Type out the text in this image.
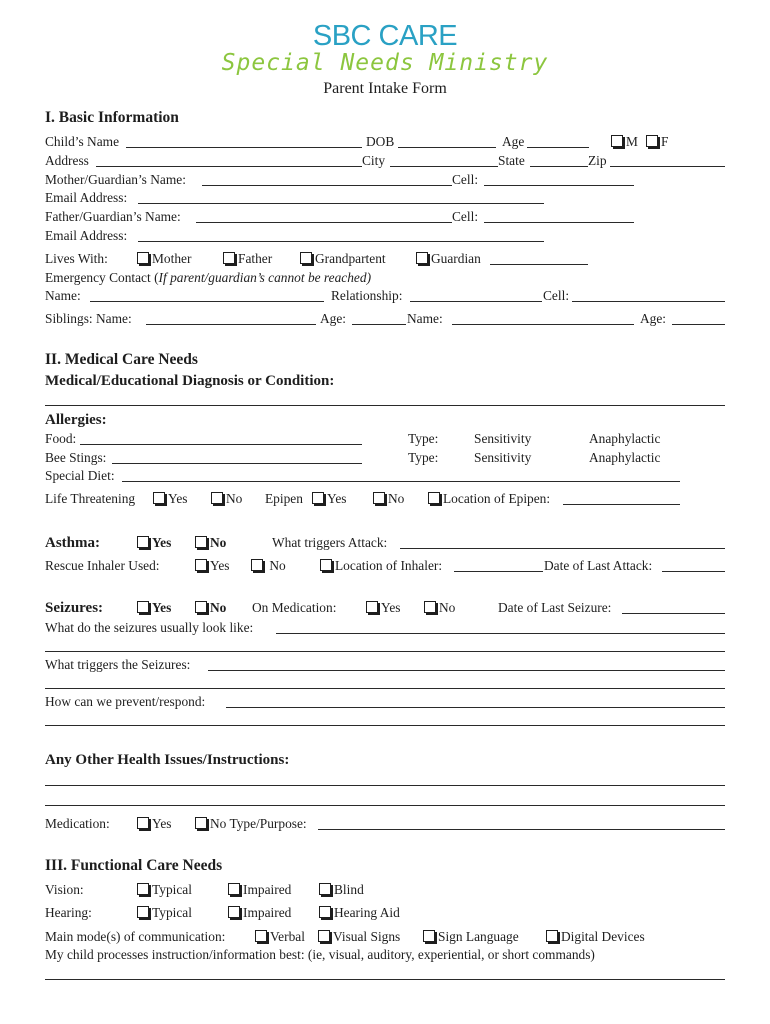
SBC CARE
Special Needs Ministry
Parent Intake Form
I. Basic Information
Child’s Name	DOB	Age	M	F
Address	City	State	Zip
Mother/Guardian’s Name:	Cell:
Email Address:
Father/Guardian’s Name:	Cell:
Email Address:
Lives With:	Mother	Father	Grandpartent	Guardian
Emergency Contact (If parent/guardian’s cannot be reached)
Name:	Relationship:	Cell:
Siblings: Name:	Age:	Name:	Age:
II. Medical Care Needs
Medical/Educational Diagnosis or Condition:
Allergies:
Food:	Type:	Sensitivity	Anaphylactic
Bee Stings:	Type:	Sensitivity	Anaphylactic
Special Diet:
Life Threatening	Yes	No Epipen	Yes	No	Location of Epipen:
Asthma:	Yes	No	What triggers Attack:
Rescue Inhaler Used:	Yes	No	Location of Inhaler:	Date of Last Attack:
Seizures:	Yes	No On Medication:	Yes	No	Date of Last Seizure:
What do the seizures usually look like:
What triggers the Seizures:
How can we prevent/respond:
Any Other Health Issues/Instructions:
Medication:	Yes	No Type/Purpose:
III. Functional Care Needs
Vision:	Typical	Impaired	Blind
Hearing:	Typical	Impaired	Hearing Aid
Main mode(s) of communication:	Verbal	Visual Signs	Sign Language	Digital Devices
My child processes instruction/information best: (ie, visual, auditory, experiential, or short commands)
